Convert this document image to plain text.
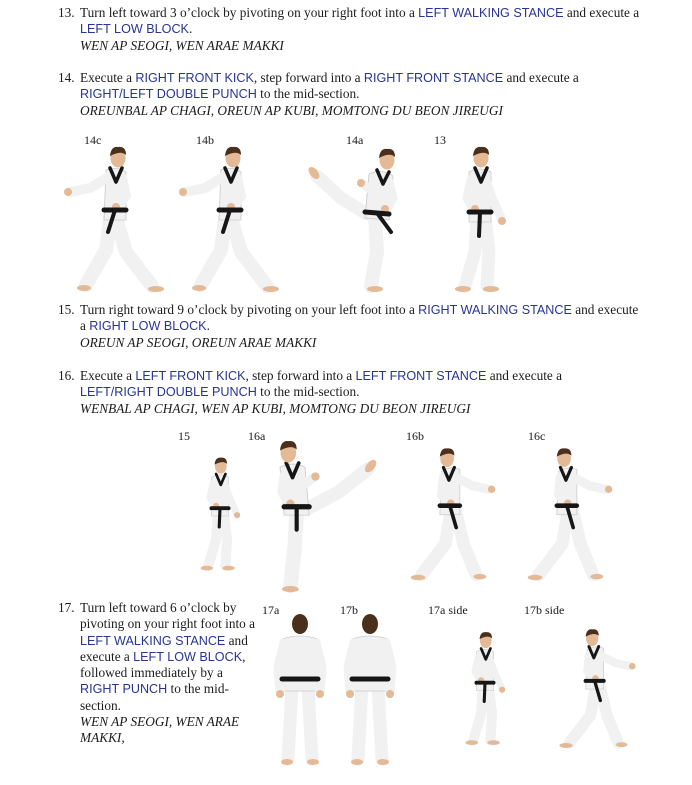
13. Turn left toward 3 o’clock by pivoting on your right foot into a LEFT WALKING STANCE and execute a LEFT LOW BLOCK.
WEN AP SEOGI, WEN ARAE MAKKI
14. Execute a RIGHT FRONT KICK, step forward into a RIGHT FRONT STANCE and execute a RIGHT/LEFT DOUBLE PUNCH to the mid-section.
OREUNBAL AP CHAGI, OREUN AP KUBI, MOMTONG DU BEON JIREUGI
14c	14b	14a	13
15. Turn right toward 9 o’clock by pivoting on your left foot into a RIGHT WALKING STANCE and execute a RIGHT LOW BLOCK.
OREUN AP SEOGI, OREUN ARAE MAKKI
16. Execute a LEFT FRONT KICK, step forward into a LEFT FRONT STANCE and execute a LEFT/RIGHT DOUBLE PUNCH to the mid-section.
WENBAL AP CHAGI, WEN AP KUBI, MOMTONG DU BEON JIREUGI
15	16a	16b	16c
17. Turn left toward 6 o’clock by pivoting on your right foot into a LEFT WALKING STANCE and execute a LEFT LOW BLOCK, followed immediately by a RIGHT PUNCH to the mid-section.
WEN AP SEOGI, WEN ARAE MAKKI,
17a	17b	17a side	17b side
